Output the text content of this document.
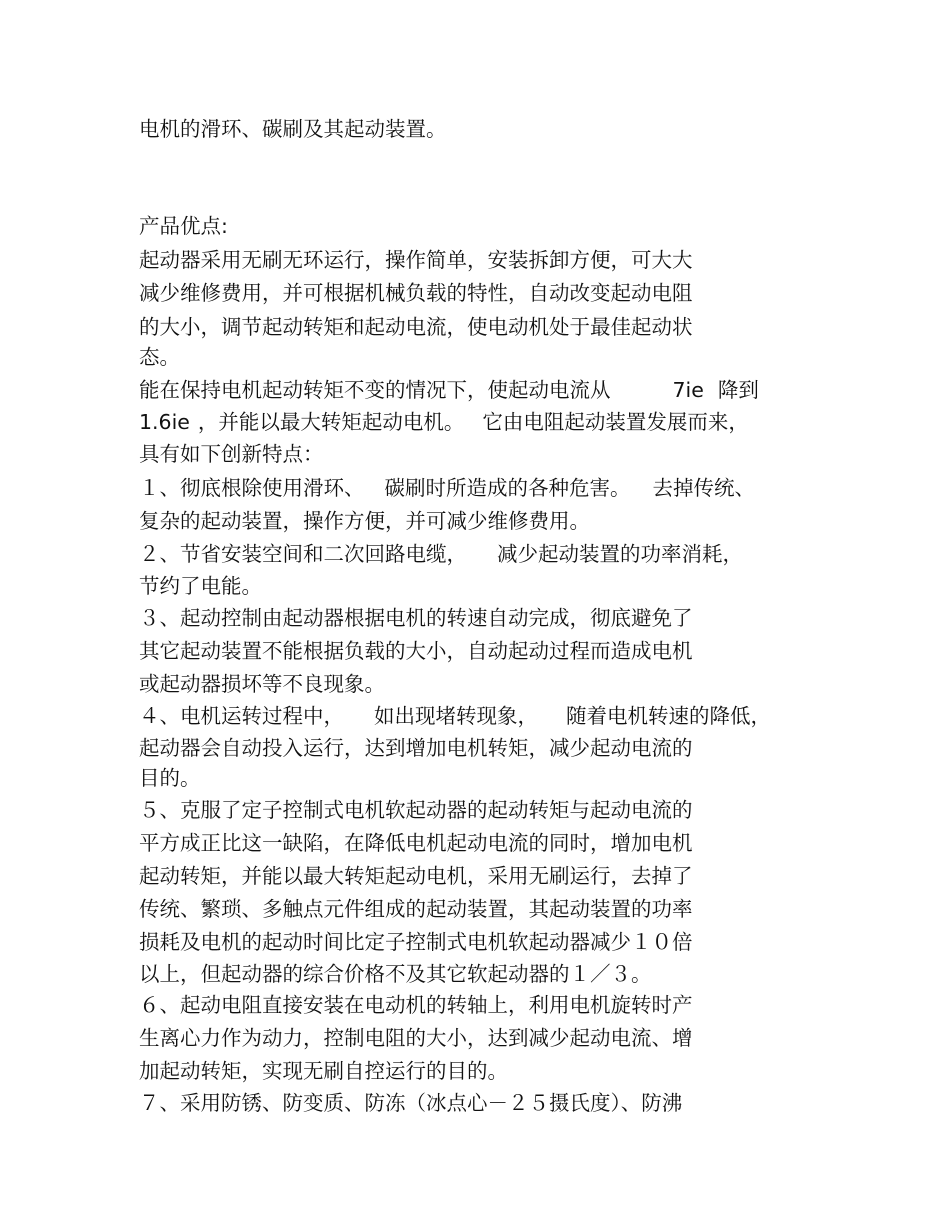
电机的滑环、碳刷及其起动装置。
产品优点:
起动器采用无刷无环运行，操作简单，安装拆卸方便，可大大
减少维修费用，并可根据机械负载的特性，自动改变起动电阻
的大小，调节起动转矩和起动电流，使电动机处于最佳起动状
态。
能在保持电机起动转矩不变的情况下，使起动电流从	7ie 降到
1.6ie ，并能以最大转矩起动电机。 它由电阻起动装置发展而来，
具有如下创新特点：
１、彻底根除使用滑环、 碳刷时所造成的各种危害。 去掉传统、
复杂的起动装置，操作方便，并可减少维修费用。
２、节省安装空间和二次回路电缆， 减少起动装置的功率消耗，
节约了电能。
３、起动控制由起动器根据电机的转速自动完成，彻底避免了
其它起动装置不能根据负载的大小，自动起动过程而造成电机
或起动器损坏等不良现象。
４、电机运转过程中， 如出现堵转现象， 随着电机转速的降低，
起动器会自动投入运行，达到增加电机转矩，减少起动电流的
目的。
５、克服了定子控制式电机软起动器的起动转矩与起动电流的
平方成正比这一缺陷，在降低电机起动电流的同时，增加电机
起动转矩，并能以最大转矩起动电机，采用无刷运行，去掉了
传统、繁琐、多触点元件组成的起动装置，其起动装置的功率
损耗及电机的起动时间比定子控制式电机软起动器减少１０倍
以上，但起动器的综合价格不及其它软起动器的１／３。
６、起动电阻直接安装在电动机的转轴上，利用电机旋转时产
生离心力作为动力，控制电阻的大小，达到减少起动电流、增
加起动转矩，实现无刷自控运行的目的。
７、采用防锈、防变质、防冻（冰点心－２５摄氏度）、防沸
